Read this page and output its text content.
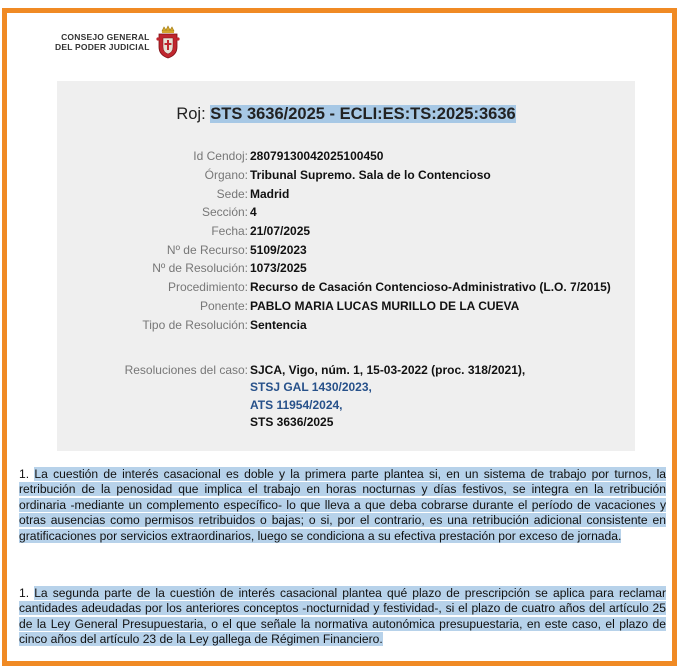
CONSEJO GENERAL
DEL PODER JUDICIAL
Roj: STS 3636/2025 - ECLI:ES:TS:2025:3636
Id Cendoj: 28079130042025100450
Órgano: Tribunal Supremo. Sala de lo Contencioso
Sede: Madrid
Sección: 4
Fecha: 21/07/2025
Nº de Recurso: 5109/2023
Nº de Resolución: 1073/2025
Procedimiento: Recurso de Casación Contencioso-Administrativo (L.O. 7/2015)
Ponente: PABLO MARIA LUCAS MURILLO DE LA CUEVA
Tipo de Resolución: Sentencia
Resoluciones del caso: SJCA, Vigo, núm. 1, 15-03-2022 (proc. 318/2021),
STSJ GAL 1430/2023,
ATS 11954/2024,
STS 3636/2025
1. La cuestión de interés casacional es doble y la primera parte plantea si, en un sistema de trabajo por turnos, la retribución de la penosidad que implica el trabajo en horas nocturnas y días festivos, se integra en la retribución ordinaria -mediante un complemento específico- lo que lleva a que deba cobrarse durante el período de vacaciones y otras ausencias como permisos retribuidos o bajas; o si, por el contrario, es una retribución adicional consistente en gratificaciones por servicios extraordinarios, luego se condiciona a su efectiva prestación por exceso de jornada.
1. La segunda parte de la cuestión de interés casacional plantea qué plazo de prescripción se aplica para reclamar cantidades adeudadas por los anteriores conceptos -nocturnidad y festividad-, si el plazo de cuatro años del artículo 25 de la Ley General Presupuestaria, o el que señale la normativa autonómica presupuestaria, en este caso, el plazo de cinco años del artículo 23 de la Ley gallega de Régimen Financiero.
